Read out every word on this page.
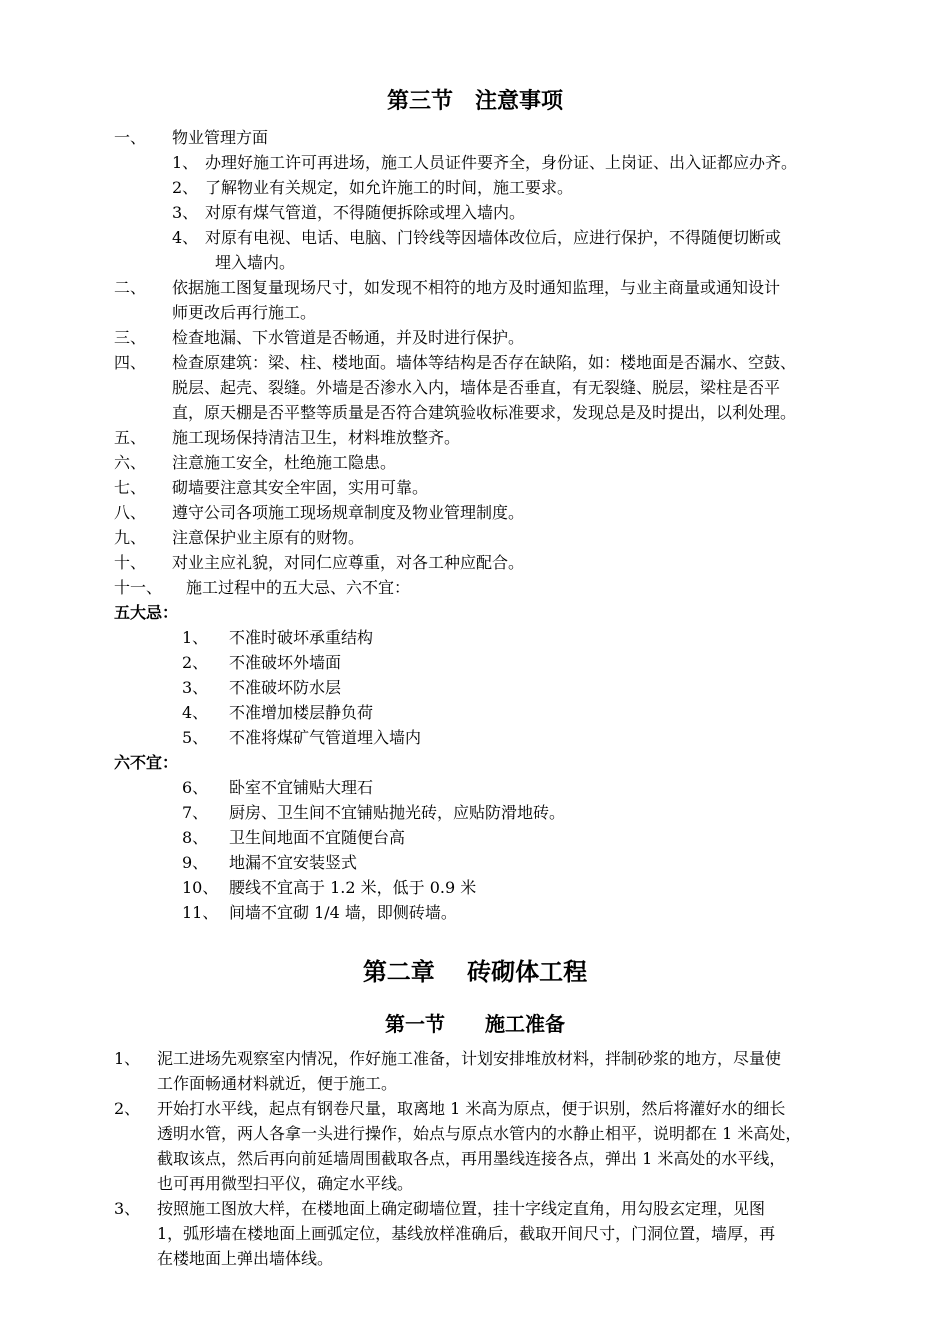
第三节　注意事项
一、 物业管理方面
1、 办理好施工许可再进场，施工人员证件要齐全，身份证、上岗证、出入证都应办齐。
2、 了解物业有关规定，如允许施工的时间，施工要求。
3、 对原有煤气管道，不得随便拆除或埋入墙内。
4、 对原有电视、电话、电脑、门铃线等因墙体改位后，应进行保护，不得随便切断或
埋入墙内。
二、 依据施工图复量现场尺寸，如发现不相符的地方及时通知监理，与业主商量或通知设计
师更改后再行施工。
三、 检查地漏、下水管道是否畅通，并及时进行保护。
四、 检查原建筑：梁、柱、楼地面。墙体等结构是否存在缺陷，如：楼地面是否漏水、空鼓、
脱层、起壳、裂缝。外墙是否渗水入内，墙体是否垂直，有无裂缝、脱层，梁柱是否平
直，原天棚是否平整等质量是否符合建筑验收标准要求，发现总是及时提出，以利处理。
五、 施工现场保持清洁卫生，材料堆放整齐。
六、 注意施工安全，杜绝施工隐患。
七、 砌墙要注意其安全牢固，实用可靠。
八、 遵守公司各项施工现场规章制度及物业管理制度。
九、 注意保护业主原有的财物。
十、 对业主应礼貌，对同仁应尊重，对各工种应配合。
十一、 施工过程中的五大忌、六不宜：
五大忌：
1、 不准时破坏承重结构
2、 不准破坏外墙面
3、 不准破坏防水层
4、 不准增加楼层静负荷
5、 不准将煤矿气管道埋入墙内
六不宜：
6、 卧室不宜铺贴大理石
7、 厨房、卫生间不宜铺贴抛光砖，应贴防滑地砖。
8、 卫生间地面不宜随便台高
9、 地漏不宜安装竖式
10、 腰线不宜高于 1.2 米，低于 0.9 米
11、 间墙不宜砌 1/4 墙，即侧砖墙。
第二章　 砖砌体工程
第一节　　施工准备
1、 泥工进场先观察室内情况，作好施工准备，计划安排堆放材料，拌制砂浆的地方，尽量使
工作面畅通材料就近，便于施工。
2、 开始打水平线，起点有钢卷尺量，取离地 1 米高为原点，便于识别，然后将灌好水的细长
透明水管，两人各拿一头进行操作，始点与原点水管内的水静止相平，说明都在 1 米高处，
截取该点，然后再向前延墙周围截取各点，再用墨线连接各点，弹出 1 米高处的水平线，
也可再用微型扫平仪，确定水平线。
3、 按照施工图放大样，在楼地面上确定砌墙位置，挂十字线定直角，用勾股玄定理，见图
1，弧形墙在楼地面上画弧定位，基线放样准确后，截取开间尺寸，门洞位置，墙厚，再
在楼地面上弹出墙体线。
